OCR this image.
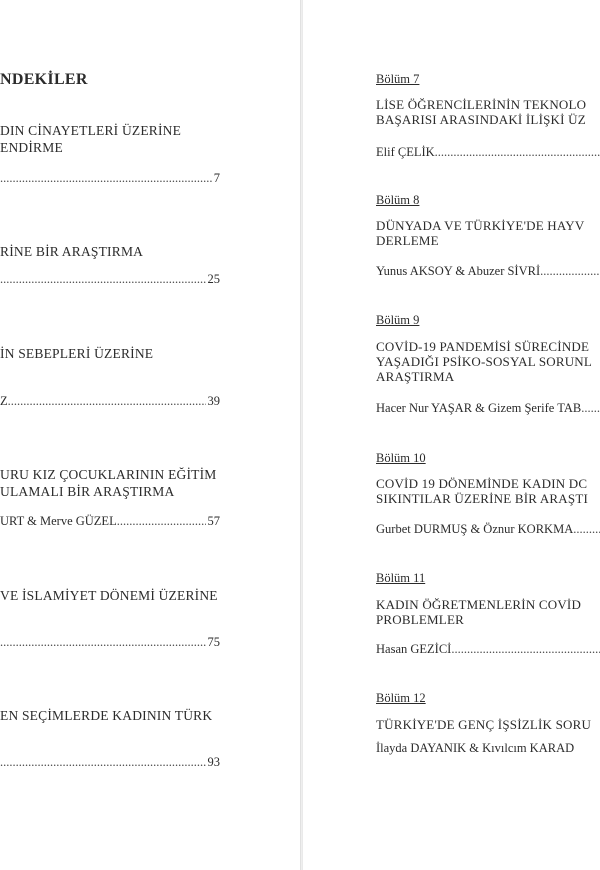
NDEKİLER
DIN CİNAYETLERİ ÜZERİNE
ENDİRME
.....
7
RİNE BİR ARAŞTIRMA
.....
25
İN SEBEPLERİ ÜZERİNE
Z .....	39
URU KIZ ÇOCUKLARININ EĞİTİM
ULAMALI BİR ARAŞTIRMA
URT & Merve GÜZEL .....	57
VE İSLAMİYET DÖNEMİ ÜZERİNE
.....
75
EN SEÇİMLERDE KADININ TÜRK
.....
93
Bölüm 7
LİSE ÖĞRENCİLERİNİN TEKNOLO
BAŞARISI ARASINDAKİ İLİŞKİ ÜZ
Elif ÇELİK
.....
Bölüm 8
DÜNYADA VE TÜRKİYE'DE HAYV
DERLEME
Yunus AKSOY & Abuzer SİVRİ
.....
Bölüm 9
COVİD-19 PANDEMİSİ SÜRECİNDE
YAŞADIĞI PSİKO-SOSYAL SORUNL
ARAŞTIRMA
Hacer Nur YAŞAR & Gizem Şerife TAB
.....
Bölüm 10
COVİD 19 DÖNEMİNDE KADIN DC
SIKINTILAR ÜZERİNE BİR ARAŞTI
Gurbet DURMUŞ & Öznur KORKMA
.....
Bölüm 11
KADIN ÖĞRETMENLERİN COVİD
PROBLEMLER
Hasan GEZİCİ
.....
Bölüm 12
TÜRKİYE'DE GENÇ İŞSİZLİK SORU
İlayda DAYANIK & Kıvılcım KARAD
